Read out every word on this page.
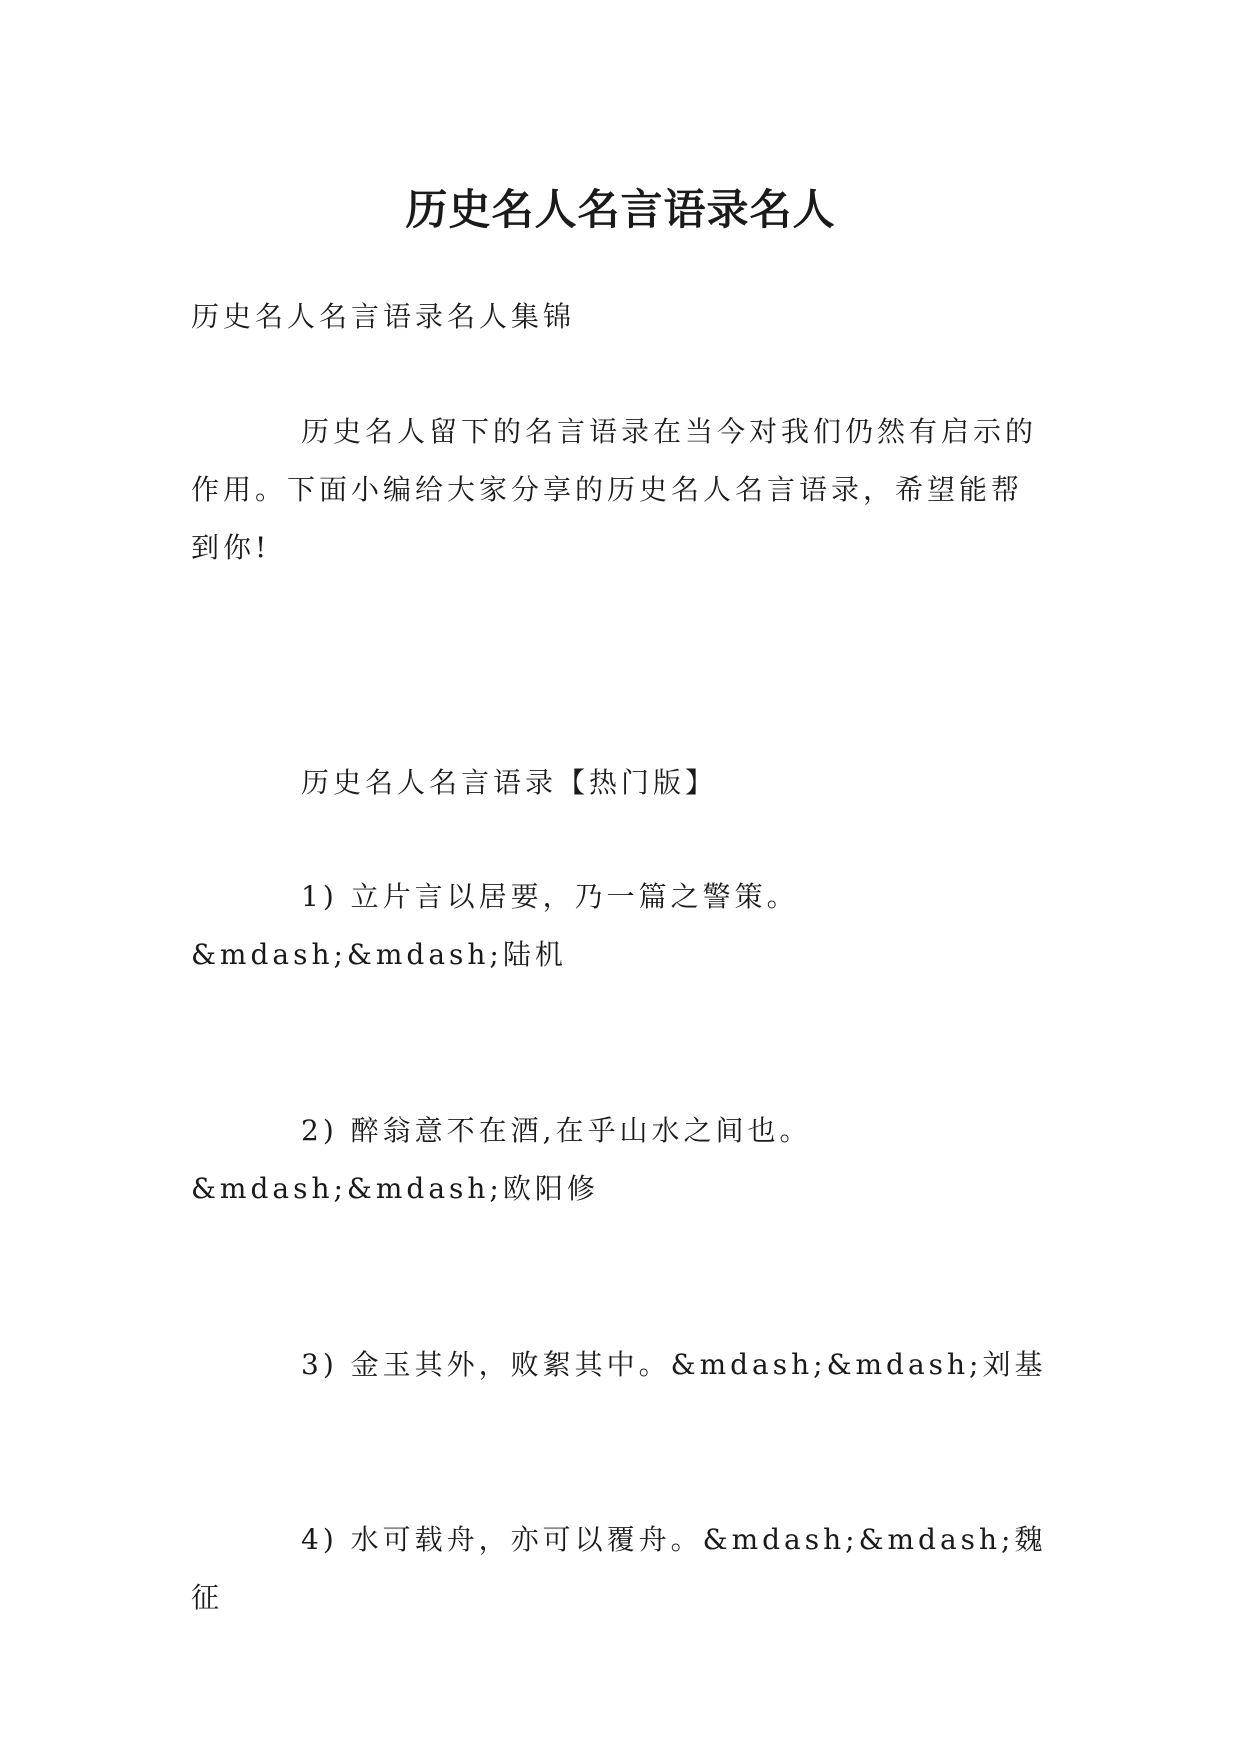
历史名人名言语录名人

历史名人名言语录名人集锦

历史名人留下的名言语录在当今对我们仍然有启示的作用。下面小编给大家分享的历史名人名言语录，希望能帮到你!

历史名人名言语录【热门版】

1) 立片言以居要，乃一篇之警策。&mdash;&mdash;陆机

2) 醉翁意不在酒,在乎山水之间也。&mdash;&mdash;欧阳修

3) 金玉其外，败絮其中。&mdash;&mdash;刘基

4) 水可载舟，亦可以覆舟。&mdash;&mdash;魏征
